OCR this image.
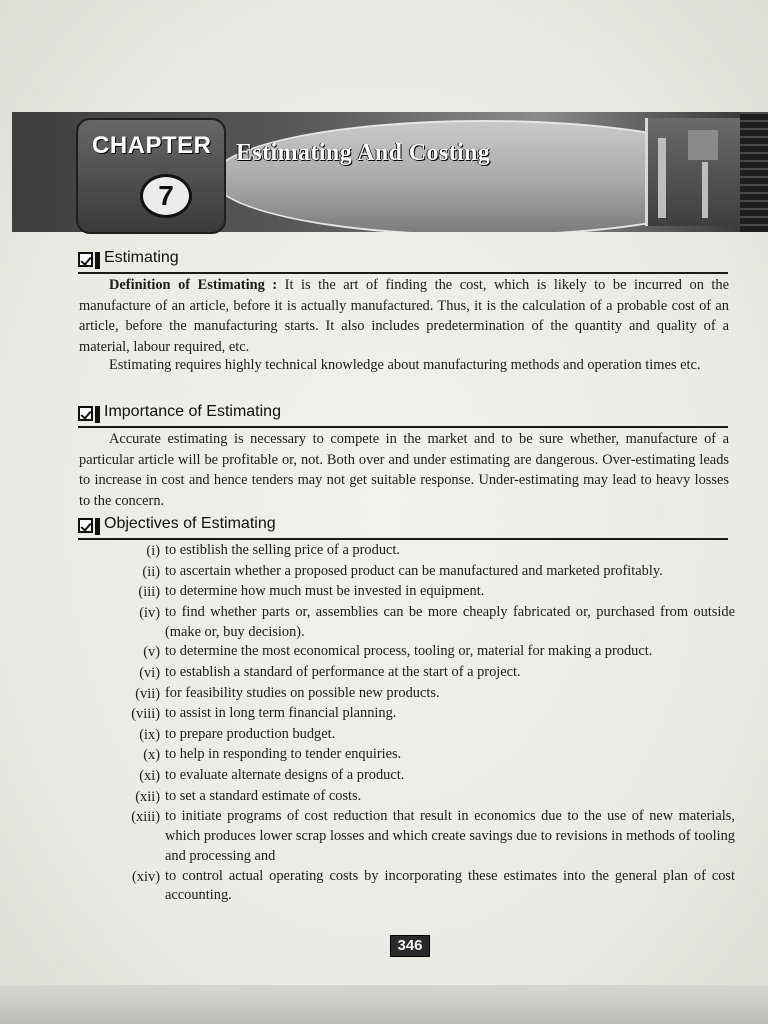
CHAPTER
7
Estimating And Costing
Estimating

Definition of Estimating : It is the art of finding the cost, which is likely to be incurred on the manufacture of an article, before it is actually manufactured. Thus, it is the calculation of a probable cost of an article, before the manufacturing starts. It also includes predetermination of the quantity and quality of a material, labour required, etc.

Estimating requires highly technical knowledge about manufacturing methods and operation times etc.

Importance of Estimating

Accurate estimating is necessary to compete in the market and to be sure whether, manufacture of a particular article will be profitable or, not. Both over and under estimating are dangerous. Over-estimating leads to increase in cost and hence tenders may not get suitable response. Under-estimating may lead to heavy losses to the concern.

Objectives of Estimating
(i) to estiblish the selling price of a product.
(ii) to ascertain whether a proposed product can be manufactured and marketed profitably.
(iii) to determine how much must be invested in equipment.
(iv) to find whether parts or, assemblies can be more cheaply fabricated or, purchased from outside (make or, buy decision).
(v) to determine the most economical process, tooling or, material for making a product.
(vi) to establish a standard of performance at the start of a project.
(vii) for feasibility studies on possible new products.
(viii) to assist in long term financial planning.
(ix) to prepare production budget.
(x) to help in responding to tender enquiries.
(xi) to evaluate alternate designs of a product.
(xii) to set a standard estimate of costs.
(xiii) to initiate programs of cost reduction that result in economics due to the use of new materials, which produces lower scrap losses and which create savings due to revisions in methods of tooling and processing and
(xiv) to control actual operating costs by incorporating these estimates into the general plan of cost accounting.
346
